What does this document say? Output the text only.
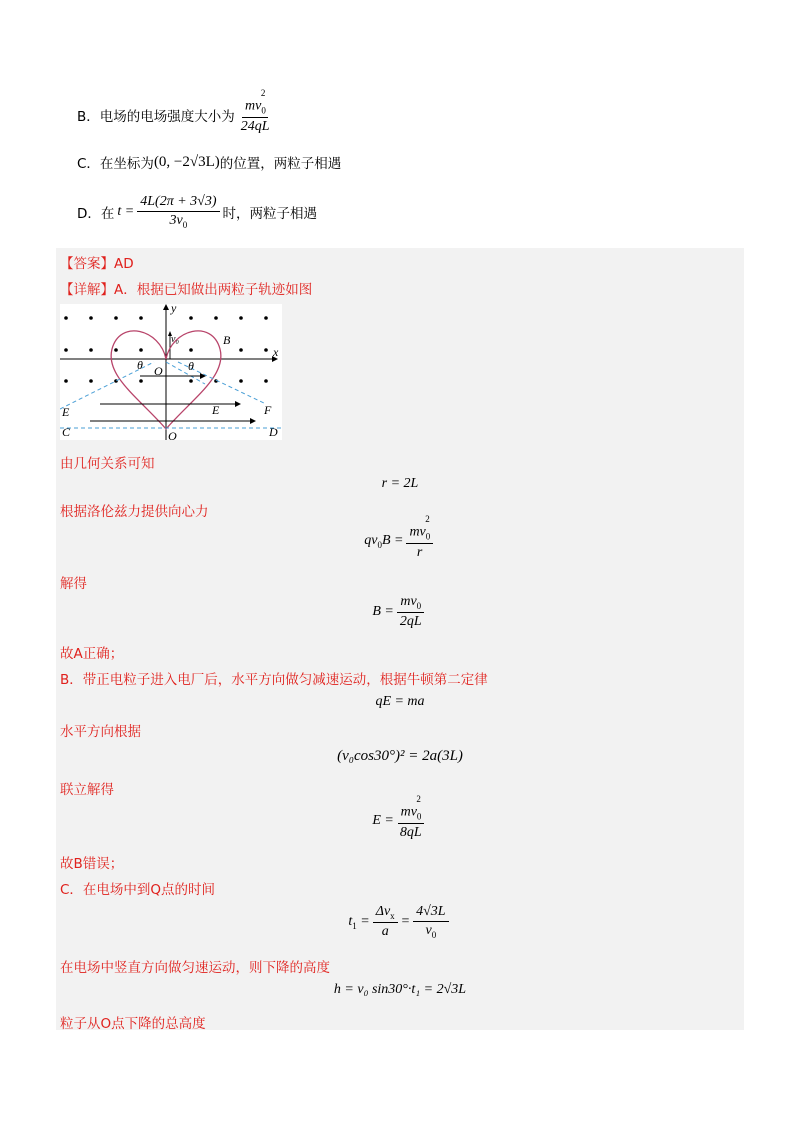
B．电场的电场强度大小为 $\frac{mv_0^2}{24qL}$
C．在坐标为 (0, −2√3L) 的位置，两粒子相遇
D．在 $t = \frac{4L(2\pi + 3√3)}{3v_0}$ 时，两粒子相遇
【答案】AD
【详解】A．根据已知做出两粒子轨迹如图
y
x
v₀	B
θ	θ
O
E	E	F
C	D
Q
由几何关系可知
r = 2L
根据洛伦兹力提供向心力
$qv_0B = \frac{mv_0^2}{r}$
解得
$B = \frac{mv_0}{2qL}$
故A正确；
B．带正电粒子进入电厂后，水平方向做匀减速运动，根据牛顿第二定律
qE = ma
水平方向根据
(v₀cos30°)² = 2a(3L)
联立解得
$E = \frac{mv_0^2}{8qL}$
故B错误；
C．在电场中到Q点的时间
$t_1 = \frac{\Delta v_x}{a} = \frac{4√3L}{v_0}$
在电场中竖直方向做匀速运动，则下降的高度
h = v₀ sin30°·t₁ = 2√3L
粒子从O点下降的总高度
